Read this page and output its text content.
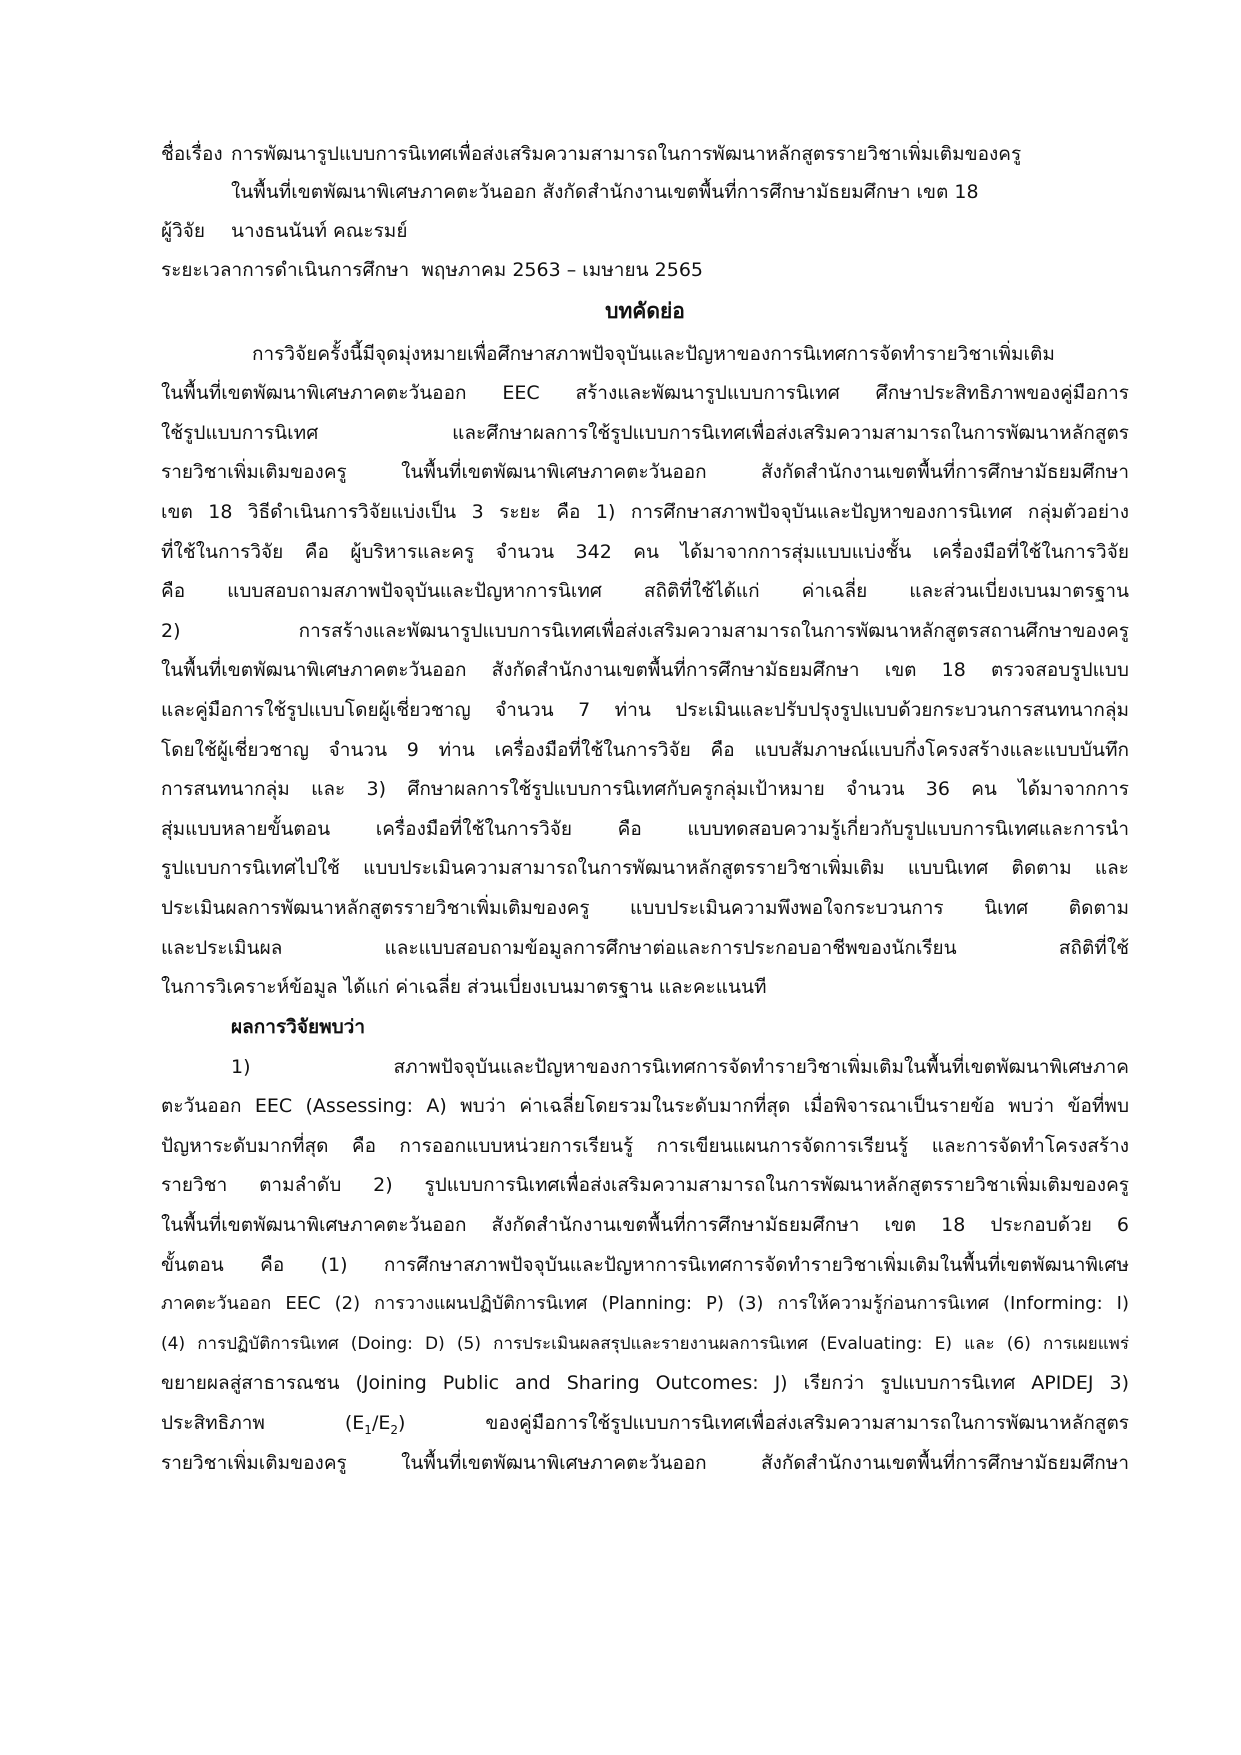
ชื่อเรื่อง การพัฒนารูปแบบการนิเทศเพื่อส่งเสริมความสามารถในการพัฒนาหลักสูตรรายวิชาเพิ่มเติมของครู
ในพื้นที่เขตพัฒนาพิเศษภาคตะวันออก สังกัดสำนักงานเขตพื้นที่การศึกษามัธยมศึกษา เขต 18
ผู้วิจัย นางธนนันท์ คณะรมย์
ระยะเวลาการดำเนินการศึกษา พฤษภาคม 2563 – เมษายน 2565
บทคัดย่อ
การวิจัยครั้งนี้มีจุดมุ่งหมายเพื่อศึกษาสภาพปัจจุบันและปัญหาของการนิเทศการจัดทำรายวิชาเพิ่มเติม
ในพื้นที่เขตพัฒนาพิเศษภาคตะวันออก EEC สร้างและพัฒนารูปแบบการนิเทศ ศึกษาประสิทธิภาพของคู่มือการ
ใช้รูปแบบการนิเทศ และศึกษาผลการใช้รูปแบบการนิเทศเพื่อส่งเสริมความสามารถในการพัฒนาหลักสูตร
รายวิชาเพิ่มเติมของครู ในพื้นที่เขตพัฒนาพิเศษภาคตะวันออก สังกัดสำนักงานเขตพื้นที่การศึกษามัธยมศึกษา
เขต 18 วิธีดำเนินการวิจัยแบ่งเป็น 3 ระยะ คือ 1) การศึกษาสภาพปัจจุบันและปัญหาของการนิเทศ กลุ่มตัวอย่าง
ที่ใช้ในการวิจัย คือ ผู้บริหารและครู จำนวน 342 คน ได้มาจากการสุ่มแบบแบ่งชั้น เครื่องมือที่ใช้ในการวิจัย
คือ แบบสอบถามสภาพปัจจุบันและปัญหาการนิเทศ สถิติที่ใช้ได้แก่ ค่าเฉลี่ย และส่วนเบี่ยงเบนมาตรฐาน
2) การสร้างและพัฒนารูปแบบการนิเทศเพื่อส่งเสริมความสามารถในการพัฒนาหลักสูตรสถานศึกษาของครู
ในพื้นที่เขตพัฒนาพิเศษภาคตะวันออก สังกัดสำนักงานเขตพื้นที่การศึกษามัธยมศึกษา เขต 18 ตรวจสอบรูปแบบ
และคู่มือการใช้รูปแบบโดยผู้เชี่ยวชาญ จำนวน 7 ท่าน ประเมินและปรับปรุงรูปแบบด้วยกระบวนการสนทนากลุ่ม
โดยใช้ผู้เชี่ยวชาญ จำนวน 9 ท่าน เครื่องมือที่ใช้ในการวิจัย คือ แบบสัมภาษณ์แบบกึ่งโครงสร้างและแบบบันทึก
การสนทนากลุ่ม และ 3) ศึกษาผลการใช้รูปแบบการนิเทศกับครูกลุ่มเป้าหมาย จำนวน 36 คน ได้มาจากการ
สุ่มแบบหลายขั้นตอน เครื่องมือที่ใช้ในการวิจัย คือ แบบทดสอบความรู้เกี่ยวกับรูปแบบการนิเทศและการนำ
รูปแบบการนิเทศไปใช้ แบบประเมินความสามารถในการพัฒนาหลักสูตรรายวิชาเพิ่มเติม แบบนิเทศ ติดตาม และ
ประเมินผลการพัฒนาหลักสูตรรายวิชาเพิ่มเติมของครู แบบประเมินความพึงพอใจกระบวนการ นิเทศ ติดตาม
และประเมินผล และแบบสอบถามข้อมูลการศึกษาต่อและการประกอบอาชีพของนักเรียน สถิติที่ใช้
ในการวิเคราะห์ข้อมูล ได้แก่ ค่าเฉลี่ย ส่วนเบี่ยงเบนมาตรฐาน และคะแนนที
ผลการวิจัยพบว่า
1) สภาพปัจจุบันและปัญหาของการนิเทศการจัดทำรายวิชาเพิ่มเติมในพื้นที่เขตพัฒนาพิเศษภาค
ตะวันออก EEC (Assessing: A) พบว่า ค่าเฉลี่ยโดยรวมในระดับมากที่สุด เมื่อพิจารณาเป็นรายข้อ พบว่า ข้อที่พบ
ปัญหาระดับมากที่สุด คือ การออกแบบหน่วยการเรียนรู้ การเขียนแผนการจัดการเรียนรู้ และการจัดทำโครงสร้าง
รายวิชา ตามลำดับ 2) รูปแบบการนิเทศเพื่อส่งเสริมความสามารถในการพัฒนาหลักสูตรรายวิชาเพิ่มเติมของครู
ในพื้นที่เขตพัฒนาพิเศษภาคตะวันออก สังกัดสำนักงานเขตพื้นที่การศึกษามัธยมศึกษา เขต 18 ประกอบด้วย 6
ขั้นตอน คือ (1) การศึกษาสภาพปัจจุบันและปัญหาการนิเทศการจัดทำรายวิชาเพิ่มเติมในพื้นที่เขตพัฒนาพิเศษ
ภาคตะวันออก EEC (2) การวางแผนปฏิบัติการนิเทศ (Planning: P) (3) การให้ความรู้ก่อนการนิเทศ (Informing: I)
(4) การปฏิบัติการนิเทศ (Doing: D) (5) การประเมินผลสรุปและรายงานผลการนิเทศ (Evaluating: E) และ (6) การเผยแพร่
ขยายผลสู่สาธารณชน (Joining Public and Sharing Outcomes: J) เรียกว่า รูปแบบการนิเทศ APIDEJ 3)
ประสิทธิภาพ $(E_1/E_2)$ ของคู่มือการใช้รูปแบบการนิเทศเพื่อส่งเสริมความสามารถในการพัฒนาหลักสูตร
รายวิชาเพิ่มเติมของครู ในพื้นที่เขตพัฒนาพิเศษภาคตะวันออก สังกัดสำนักงานเขตพื้นที่การศึกษามัธยมศึกษา
